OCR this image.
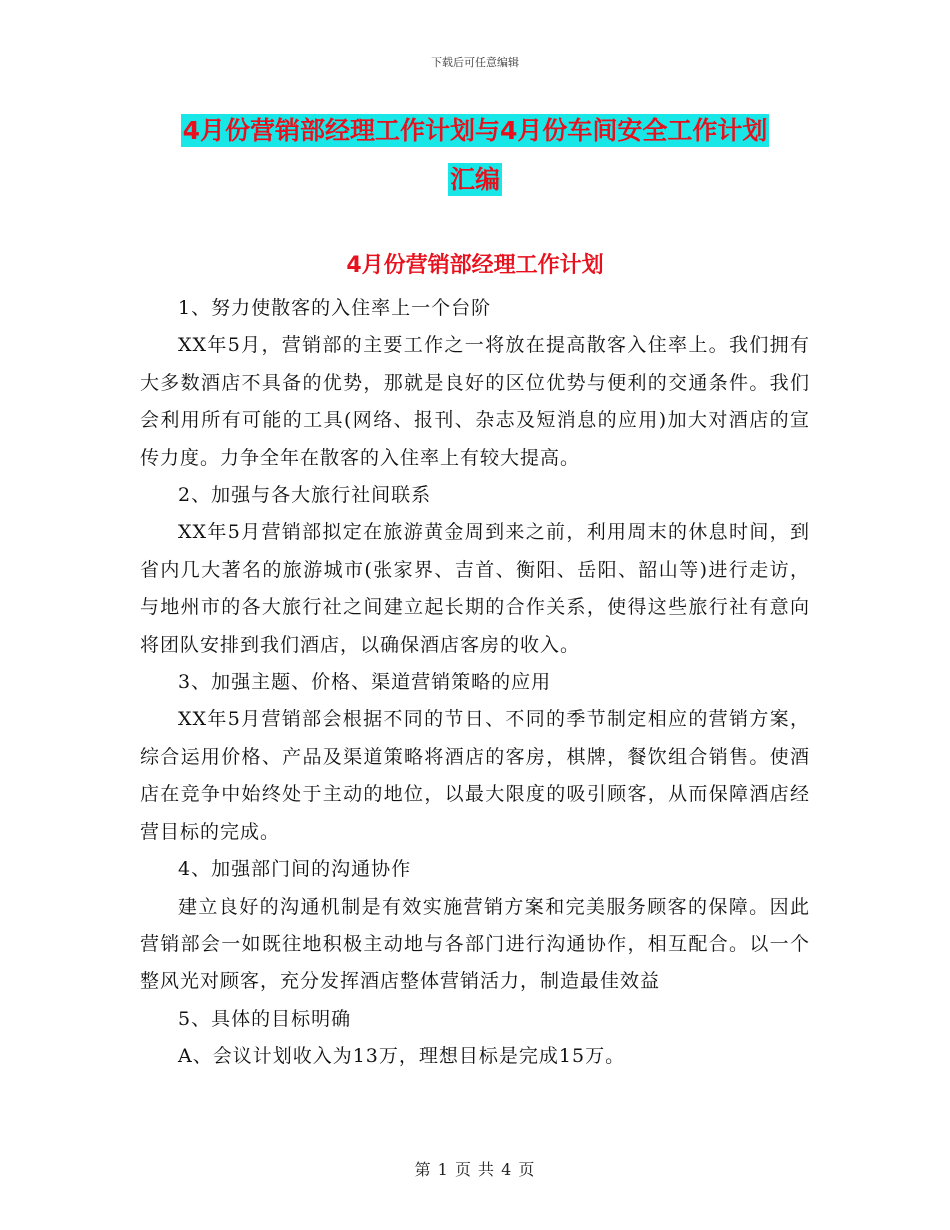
下载后可任意编辑
4月份营销部经理工作计划与4月份车间安全工作计划
汇编
4月份营销部经理工作计划

1、努力使散客的入住率上一个台阶

XX年5月，营销部的主要工作之一将放在提高散客入住率上。我们拥有大多数酒店不具备的优势，那就是良好的区位优势与便利的交通条件。我们会利用所有可能的工具(网络、报刊、杂志及短消息的应用)加大对酒店的宣传力度。力争全年在散客的入住率上有较大提高。

2、加强与各大旅行社间联系

XX年5月营销部拟定在旅游黄金周到来之前，利用周末的休息时间，到省内几大著名的旅游城市(张家界、吉首、衡阳、岳阳、韶山等)进行走访，与地州市的各大旅行社之间建立起长期的合作关系，使得这些旅行社有意向将团队安排到我们酒店，以确保酒店客房的收入。

3、加强主题、价格、渠道营销策略的应用

XX年5月营销部会根据不同的节日、不同的季节制定相应的营销方案，综合运用价格、产品及渠道策略将酒店的客房，棋牌，餐饮组合销售。使酒店在竞争中始终处于主动的地位，以最大限度的吸引顾客，从而保障酒店经营目标的完成。

4、加强部门间的沟通协作

建立良好的沟通机制是有效实施营销方案和完美服务顾客的保障。因此营销部会一如既往地积极主动地与各部门进行沟通协作，相互配合。以一个整风光对顾客，充分发挥酒店整体营销活力，制造最佳效益

5、具体的目标明确

A、会议计划收入为13万，理想目标是完成15万。

第 1 页 共 4 页
